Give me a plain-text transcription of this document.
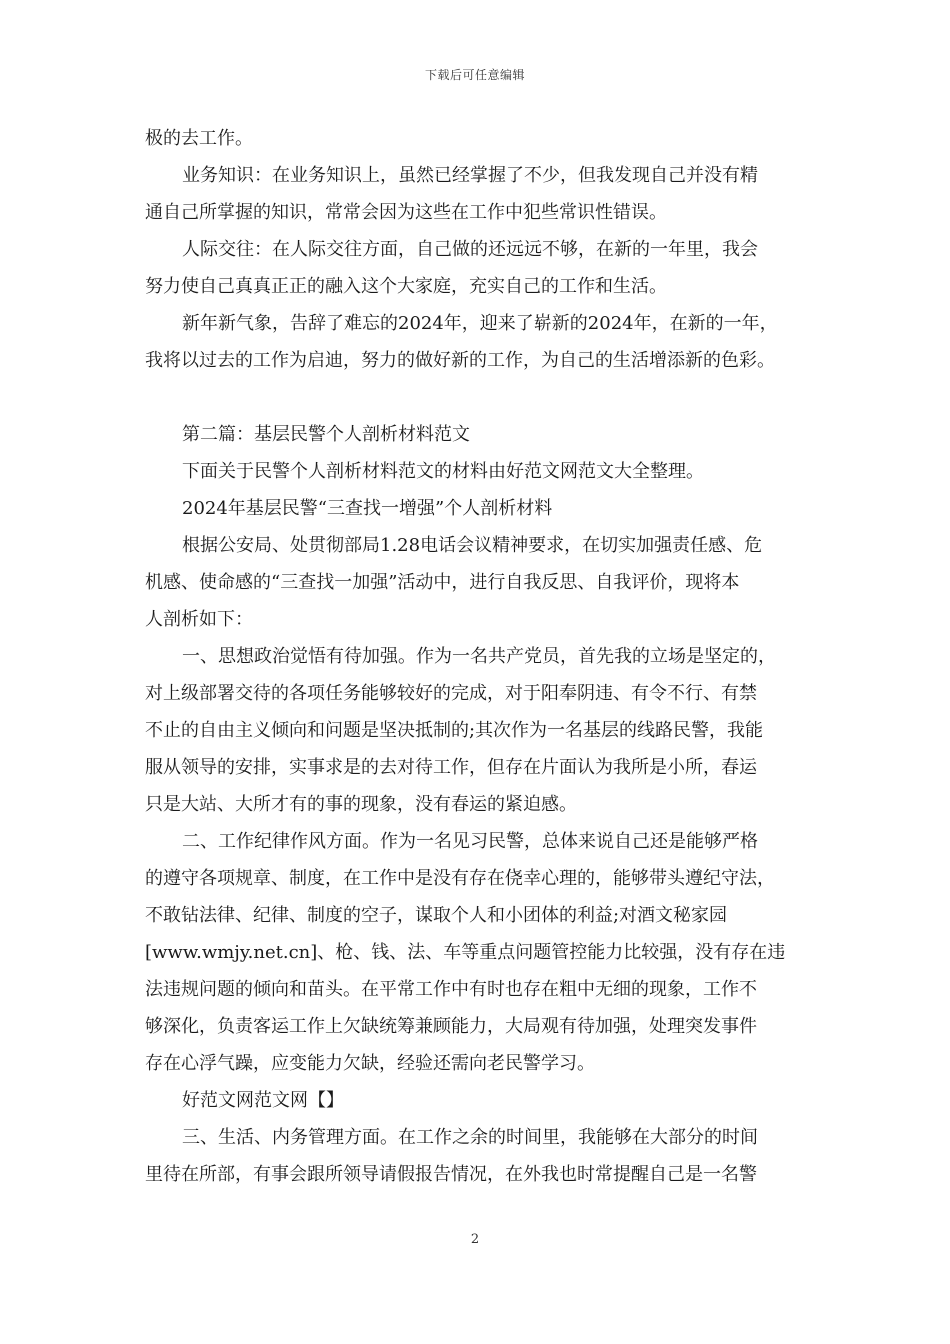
下载后可任意编辑
极的去工作。
业务知识：在业务知识上，虽然已经掌握了不少，但我发现自己并没有精
通自己所掌握的知识，常常会因为这些在工作中犯些常识性错误。
人际交往：在人际交往方面，自己做的还远远不够，在新的一年里，我会
努力使自己真真正正的融入这个大家庭，充实自己的工作和生活。
新年新气象，告辞了难忘的2024年，迎来了崭新的2024年，在新的一年，
我将以过去的工作为启迪，努力的做好新的工作，为自己的生活增添新的色彩。
第二篇：基层民警个人剖析材料范文
下面关于民警个人剖析材料范文的材料由好范文网范文大全整理。
2024年基层民警“三查找一增强”个人剖析材料
根据公安局、处贯彻部局1.28电话会议精神要求，在切实加强责任感、危
机感、使命感的“三查找一加强”活动中，进行自我反思、自我评价，现将本
人剖析如下：
一、思想政治觉悟有待加强。作为一名共产党员，首先我的立场是坚定的，
对上级部署交待的各项任务能够较好的完成，对于阳奉阴违、有令不行、有禁
不止的自由主义倾向和问题是坚决抵制的;其次作为一名基层的线路民警，我能
服从领导的安排，实事求是的去对待工作，但存在片面认为我所是小所，春运
只是大站、大所才有的事的现象，没有春运的紧迫感。
二、工作纪律作风方面。作为一名见习民警，总体来说自己还是能够严格
的遵守各项规章、制度，在工作中是没有存在侥幸心理的，能够带头遵纪守法，
不敢钻法律、纪律、制度的空子，谋取个人和小团体的利益;对酒文秘家园
[www.wmjy.net.cn]、枪、钱、法、车等重点问题管控能力比较强，没有存在违
法违规问题的倾向和苗头。在平常工作中有时也存在粗中无细的现象，工作不
够深化，负责客运工作上欠缺统筹兼顾能力，大局观有待加强，处理突发事件
存在心浮气躁，应变能力欠缺，经验还需向老民警学习。
好范文网范文网【】
三、生活、内务管理方面。在工作之余的时间里，我能够在大部分的时间
里待在所部，有事会跟所领导请假报告情况，在外我也时常提醒自己是一名警
2
